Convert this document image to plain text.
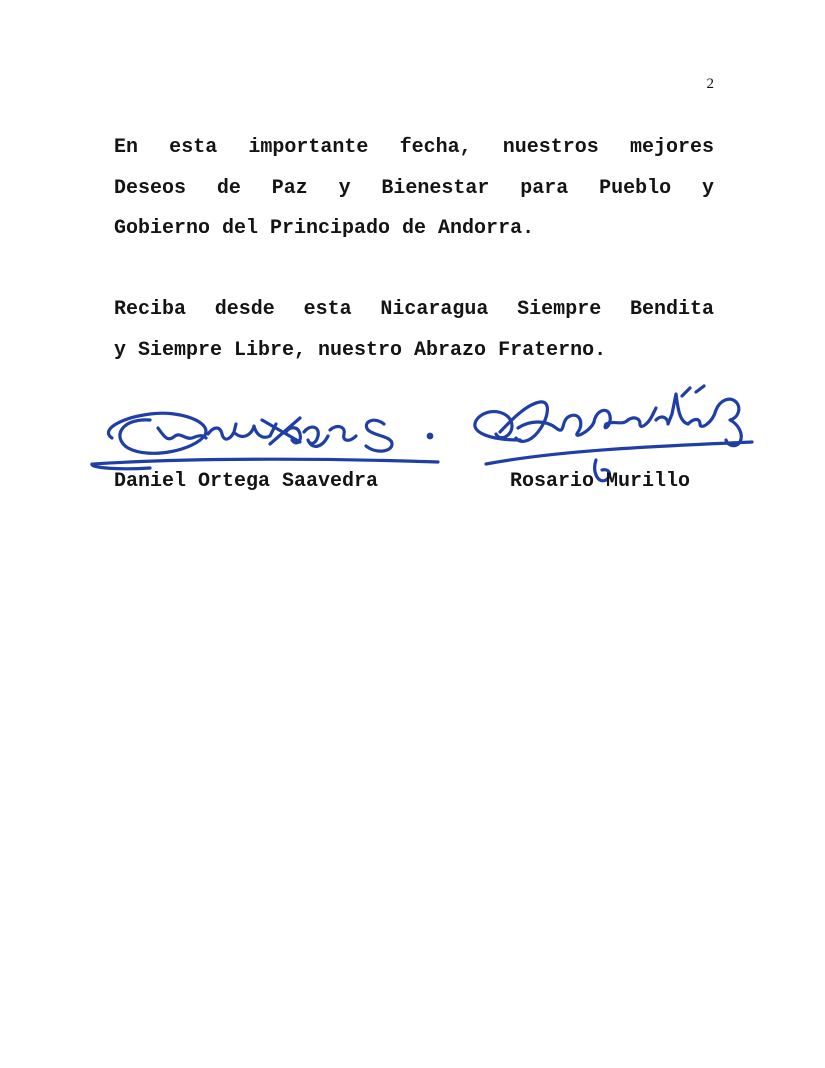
2
En esta importante fecha, nuestros mejores
Deseos de Paz y Bienestar para Pueblo y
Gobierno del Principado de Andorra.
Reciba desde esta Nicaragua Siempre Bendita
y Siempre Libre, nuestro Abrazo Fraterno.
Daniel Ortega Saavedra	Rosario Murillo
